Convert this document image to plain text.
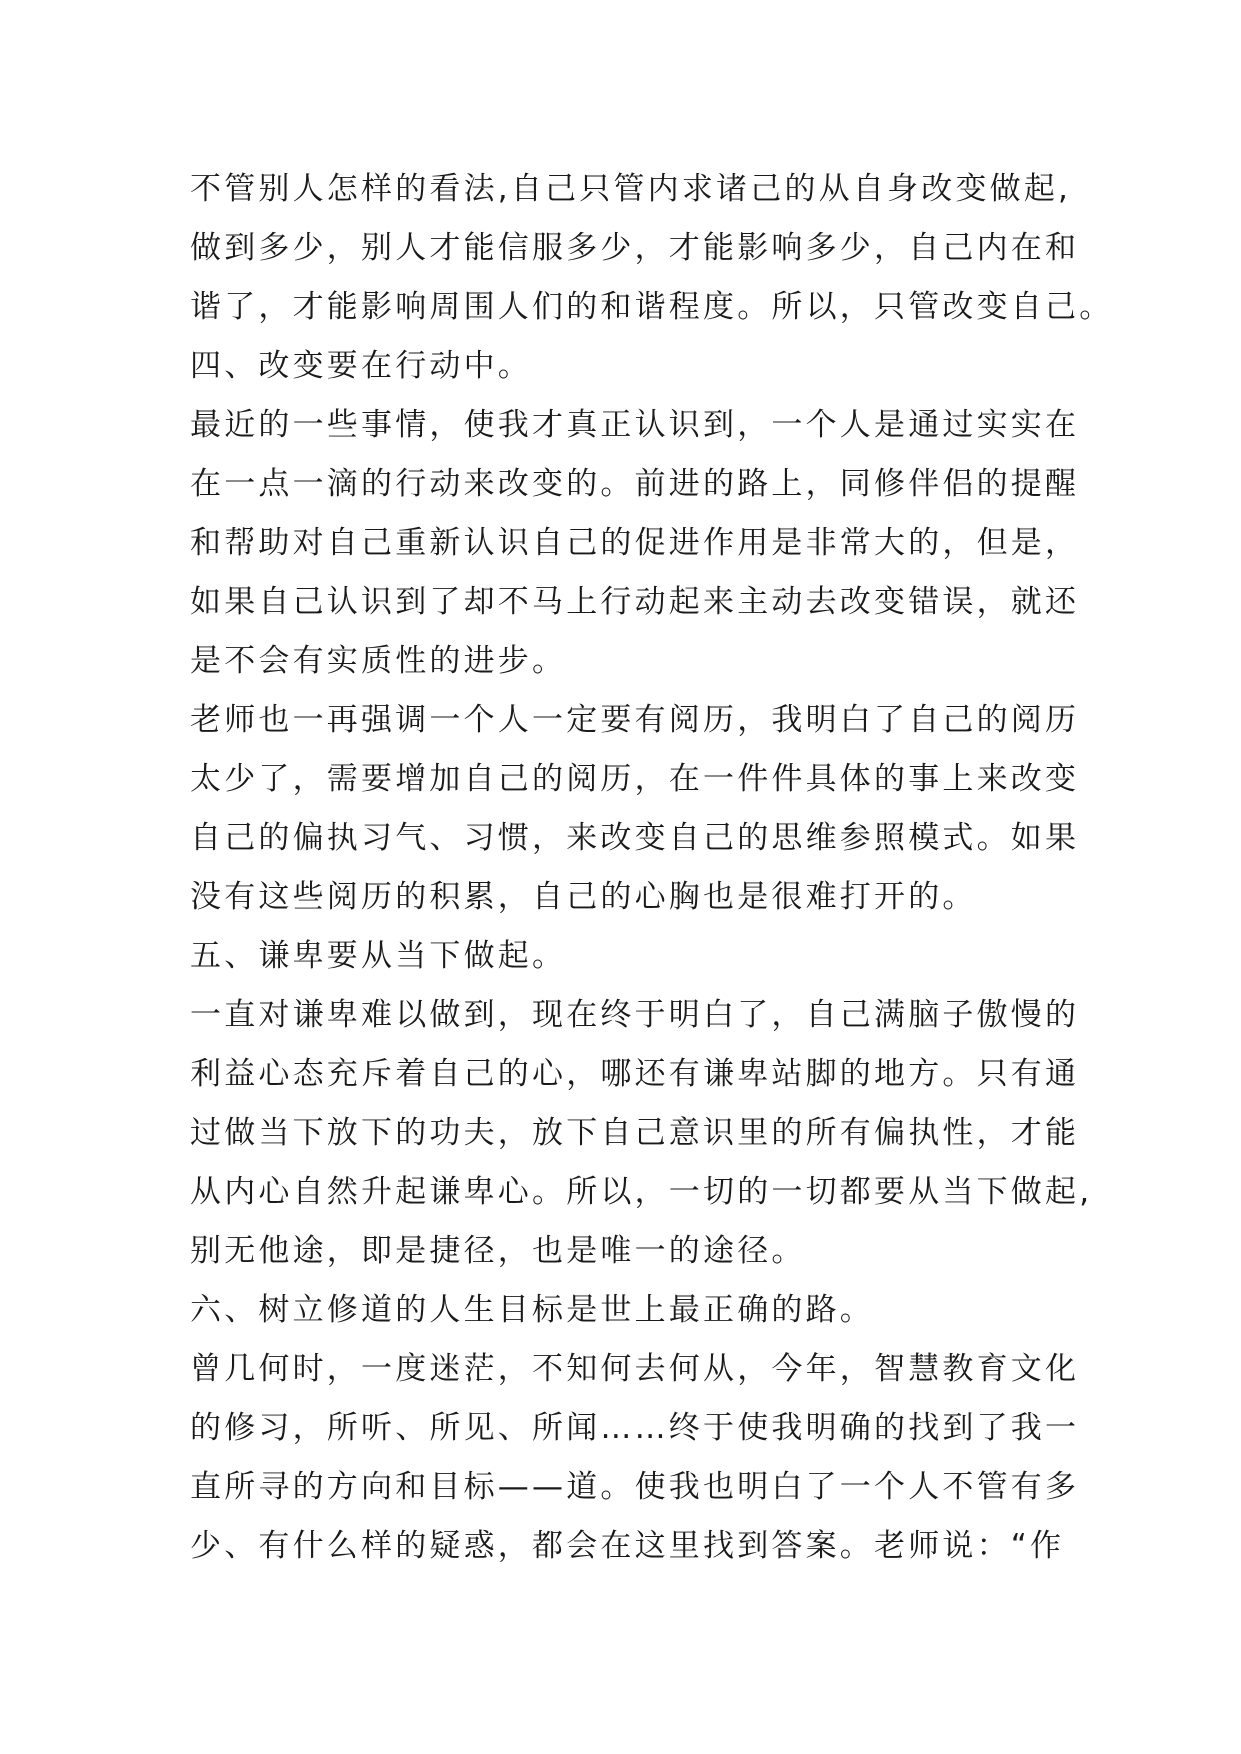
不管别人怎样的看法,自己只管内求诸己的从自身改变做起,
做到多少，别人才能信服多少，才能影响多少，自己内在和
谐了，才能影响周围人们的和谐程度。所以，只管改变自己。
四、改变要在行动中。
最近的一些事情，使我才真正认识到，一个人是通过实实在
在一点一滴的行动来改变的。前进的路上，同修伴侣的提醒
和帮助对自己重新认识自己的促进作用是非常大的，但是，
如果自己认识到了却不马上行动起来主动去改变错误，就还
是不会有实质性的进步。
老师也一再强调一个人一定要有阅历，我明白了自己的阅历
太少了，需要增加自己的阅历，在一件件具体的事上来改变
自己的偏执习气、习惯，来改变自己的思维参照模式。如果
没有这些阅历的积累，自己的心胸也是很难打开的。
五、谦卑要从当下做起。
一直对谦卑难以做到，现在终于明白了，自己满脑子傲慢的
利益心态充斥着自己的心，哪还有谦卑站脚的地方。只有通
过做当下放下的功夫，放下自己意识里的所有偏执性，才能
从内心自然升起谦卑心。所以，一切的一切都要从当下做起,
别无他途，即是捷径，也是唯一的途径。
六、树立修道的人生目标是世上最正确的路。
曾几何时，一度迷茫，不知何去何从，今年，智慧教育文化
的修习，所听、所见、所闻……终于使我明确的找到了我一
直所寻的方向和目标——道。使我也明白了一个人不管有多
少、有什么样的疑惑，都会在这里找到答案。老师说：“作
